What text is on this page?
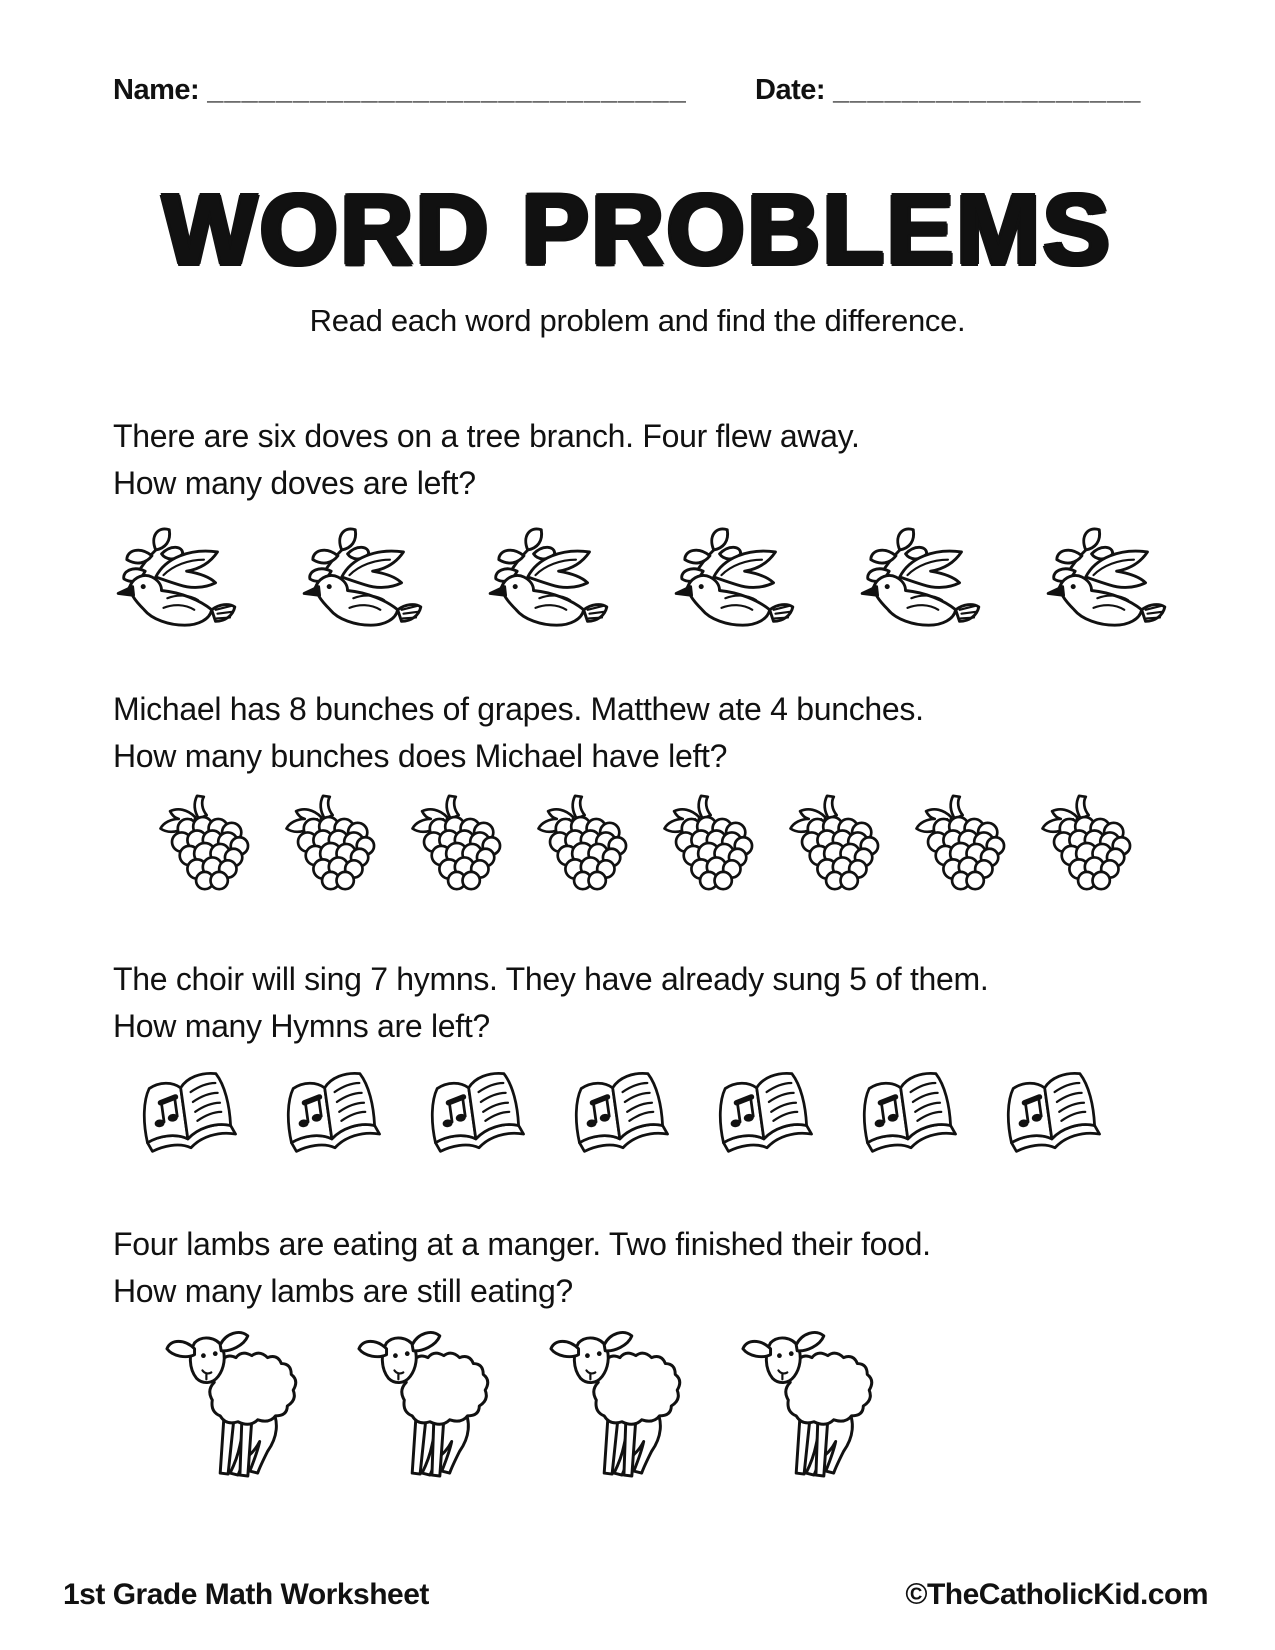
Name: ____________________________ Date: __________________
WORD PROBLEMS

Read each word problem and find the difference.

There are six doves on a tree branch. Four flew away.
How many doves are left?

Michael has 8 bunches of grapes. Matthew ate 4 bunches.
How many bunches does Michael have left?

The choir will sing 7 hymns. They have already sung 5 of them.
How many Hymns are left?

Four lambs are eating at a manger. Two finished their food.
How many lambs are still eating?

1st Grade Math Worksheet	©TheCatholicKid.com
